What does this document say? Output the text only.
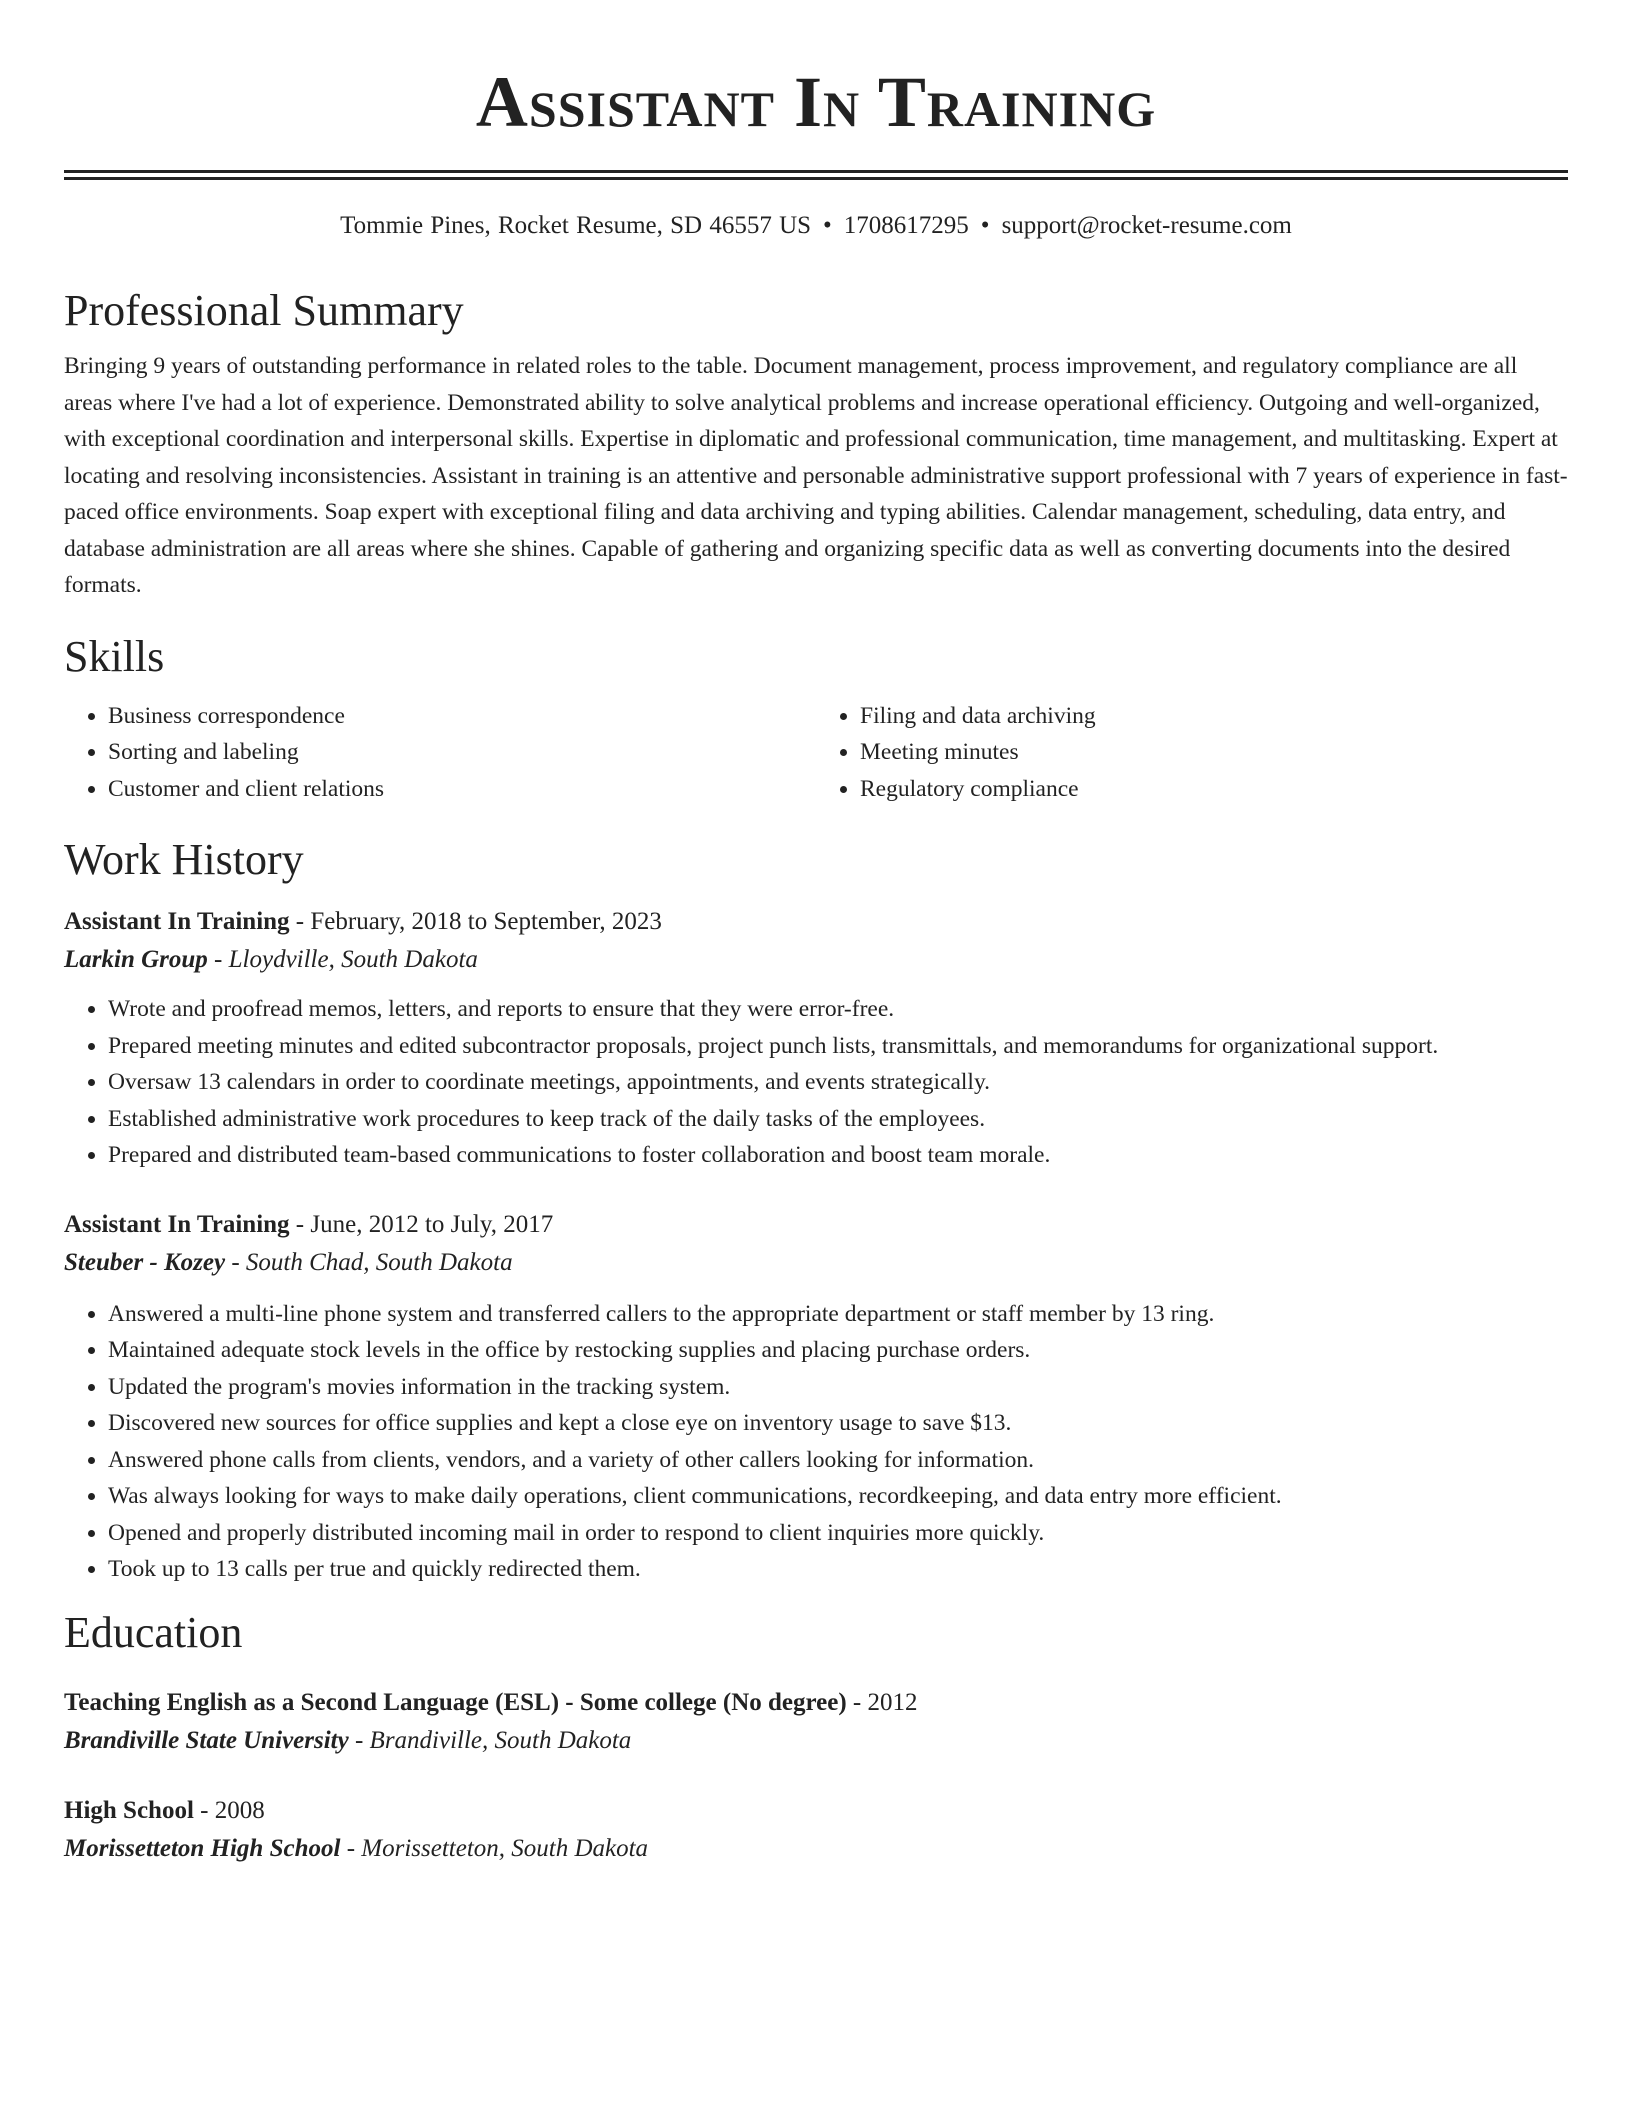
Assistant In Training
Tommie Pines, Rocket Resume, SD 46557 US • 1708617295 • support@rocket-resume.com
Professional Summary

Bringing 9 years of outstanding performance in related roles to the table. Document management, process improvement, and regulatory compliance are all areas where I've had a lot of experience. Demonstrated ability to solve analytical problems and increase operational efficiency. Outgoing and well-organized, with exceptional coordination and interpersonal skills. Expertise in diplomatic and professional communication, time management, and multitasking. Expert at locating and resolving inconsistencies. Assistant in training is an attentive and personable administrative support professional with 7 years of experience in fast-paced office environments. Soap expert with exceptional filing and data archiving and typing abilities. Calendar management, scheduling, data entry, and database administration are all areas where she shines. Capable of gathering and organizing specific data as well as converting documents into the desired formats.

Skills
• Business correspondence
• Sorting and labeling
• Customer and client relations
• Filing and data archiving
• Meeting minutes
• Regulatory compliance
Work History
Assistant In Training - February, 2018 to September, 2023
Larkin Group - Lloydville, South Dakota
• Wrote and proofread memos, letters, and reports to ensure that they were error-free.
• Prepared meeting minutes and edited subcontractor proposals, project punch lists, transmittals, and memorandums for organizational support.
• Oversaw 13 calendars in order to coordinate meetings, appointments, and events strategically.
• Established administrative work procedures to keep track of the daily tasks of the employees.
• Prepared and distributed team-based communications to foster collaboration and boost team morale.
Assistant In Training - June, 2012 to July, 2017
Steuber - Kozey - South Chad, South Dakota
• Answered a multi-line phone system and transferred callers to the appropriate department or staff member by 13 ring.
• Maintained adequate stock levels in the office by restocking supplies and placing purchase orders.
• Updated the program's movies information in the tracking system.
• Discovered new sources for office supplies and kept a close eye on inventory usage to save $13.
• Answered phone calls from clients, vendors, and a variety of other callers looking for information.
• Was always looking for ways to make daily operations, client communications, recordkeeping, and data entry more efficient.
• Opened and properly distributed incoming mail in order to respond to client inquiries more quickly.
• Took up to 13 calls per true and quickly redirected them.
Education
Teaching English as a Second Language (ESL) - Some college (No degree) - 2012
Brandiville State University - Brandiville, South Dakota
High School - 2008
Morissetteton High School - Morissetteton, South Dakota
